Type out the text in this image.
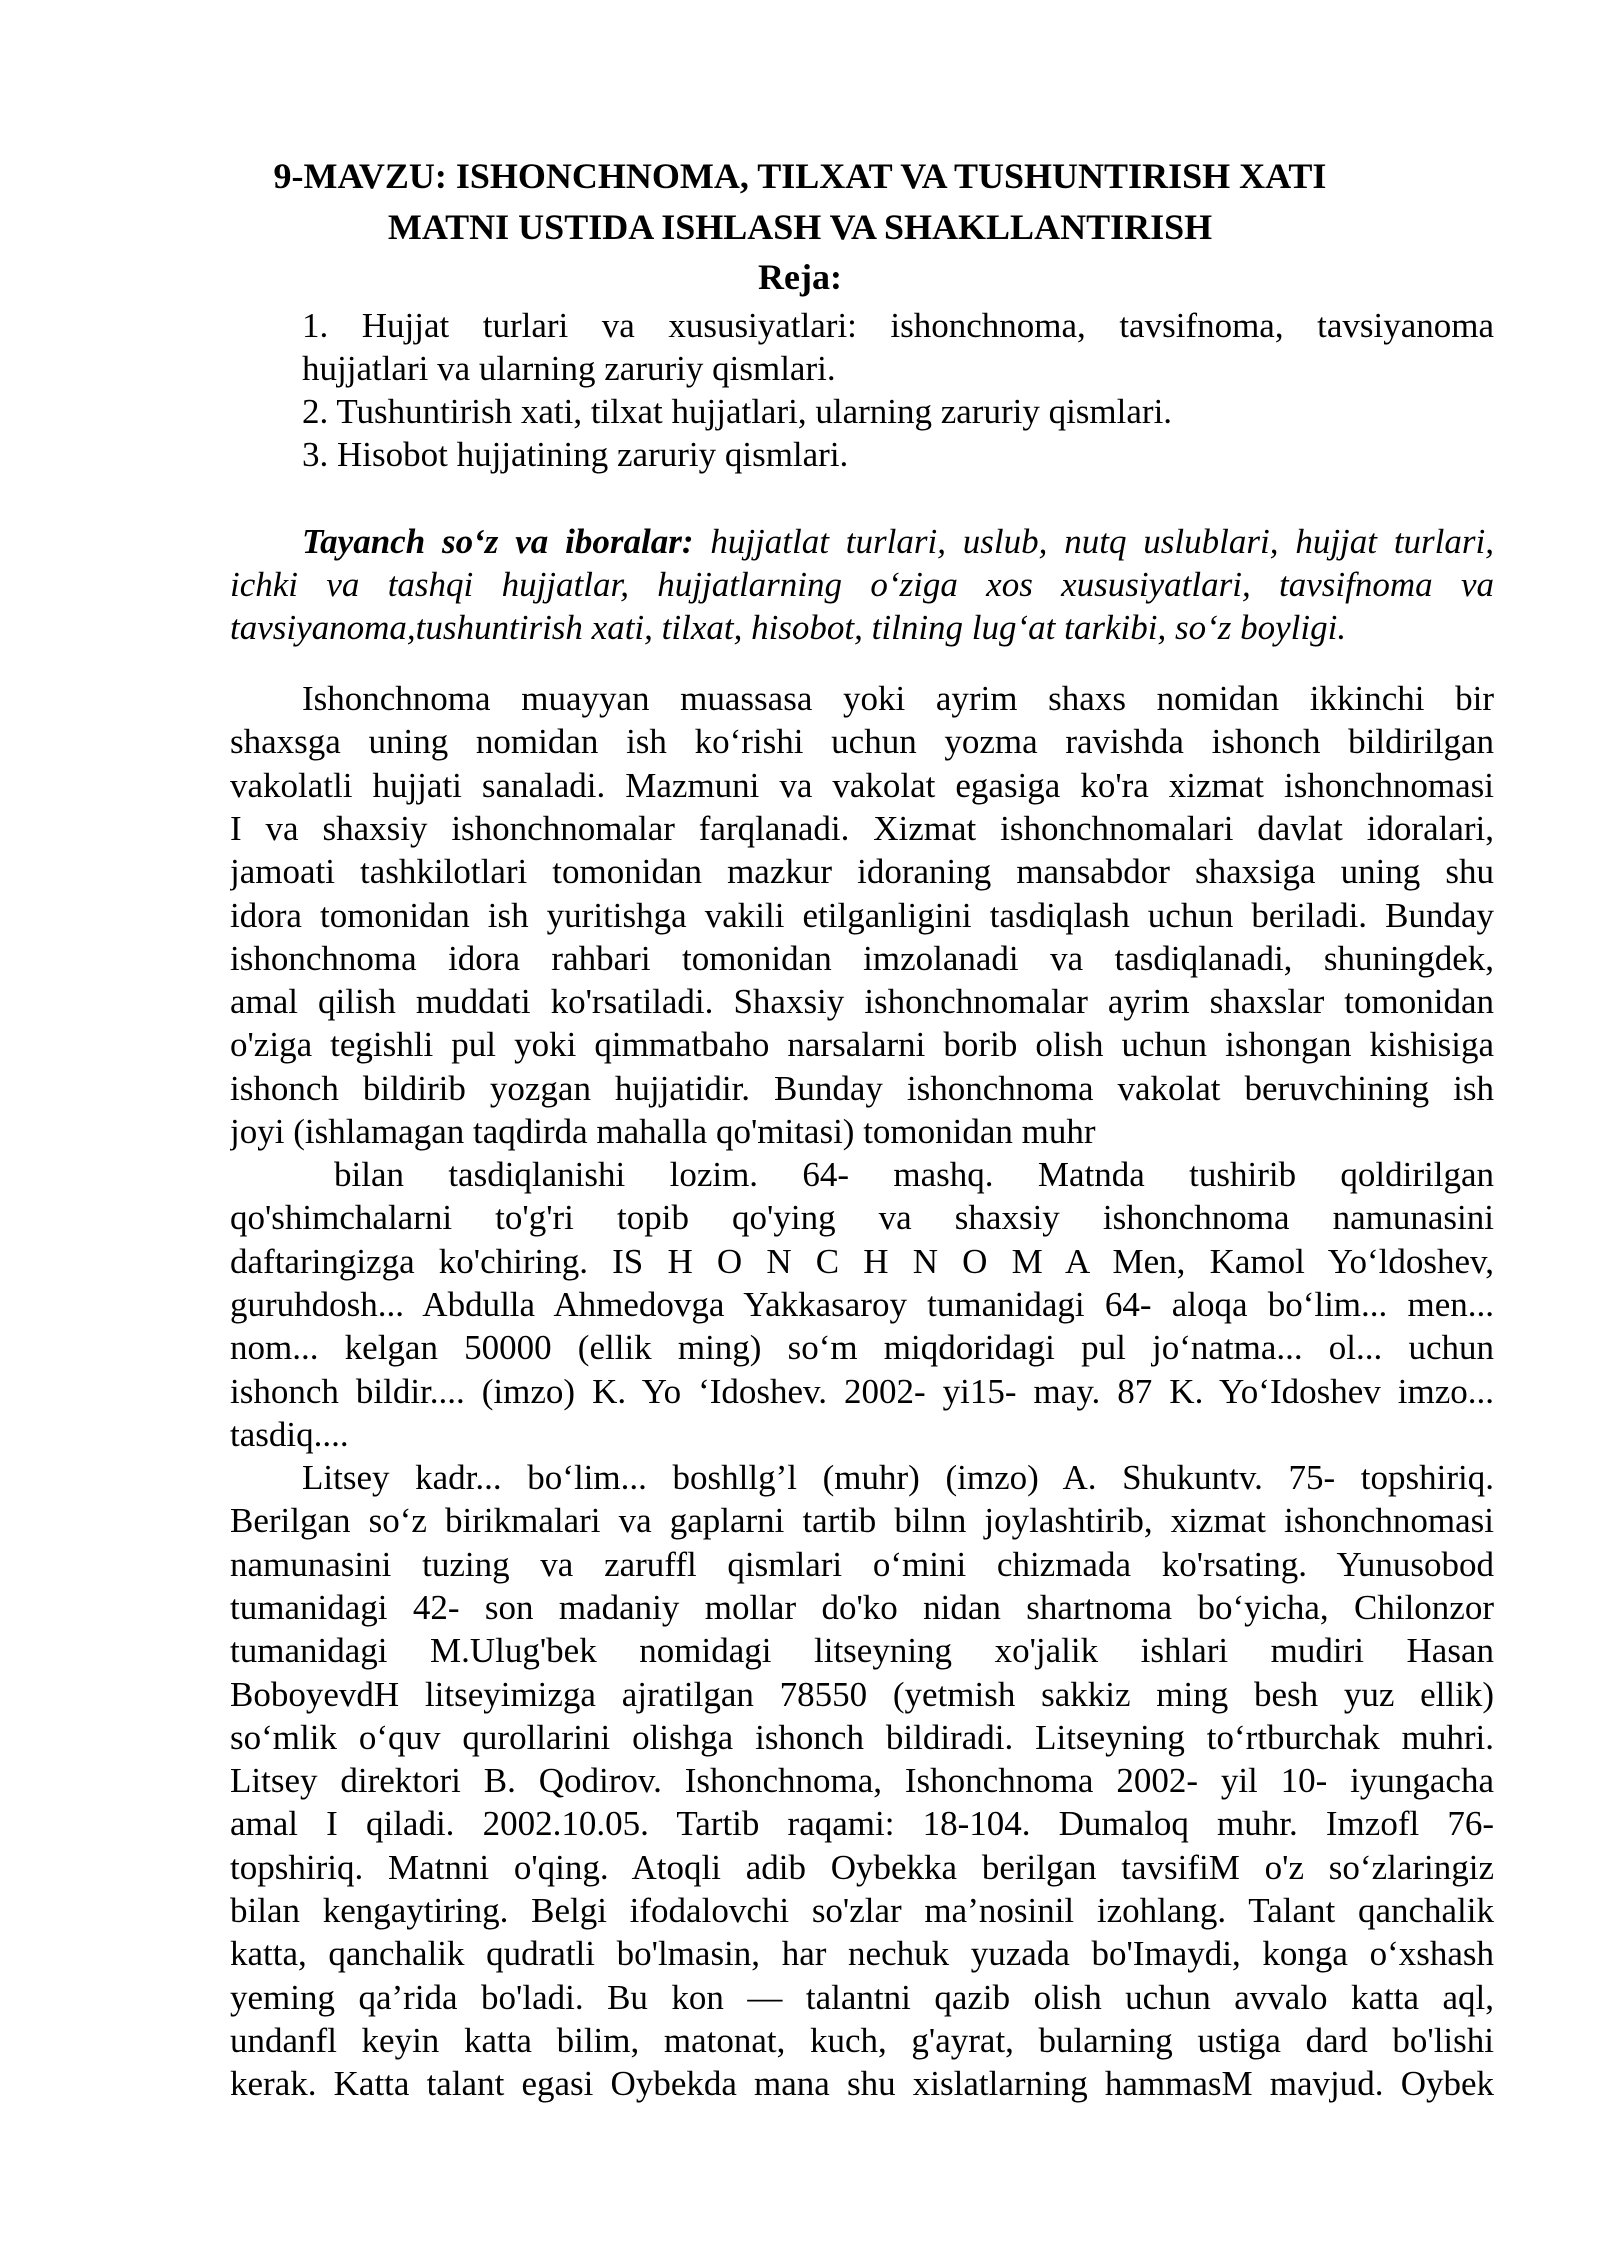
9-MAVZU: ISHONCHNOMA, TILXAT VA TUSHUNTIRISH XATI
MATNI USTIDA ISHLASH VA SHAKLLANTIRISH
Reja:
1. Hujjat turlari va xususiyatlari: ishonchnoma, tavsifnoma, tavsiyanoma
hujjatlari va ularning zaruriy qismlari.
2. Tushuntirish xati, tilxat hujjatlari, ularning zaruriy qismlari.
3. Hisobot hujjatining zaruriy qismlari.
Tayanch so‘z va iboralar: hujjatlat turlari, uslub, nutq uslublari, hujjat turlari,
ichki va tashqi hujjatlar, hujjatlarning o‘ziga xos xususiyatlari, tavsifnoma va
tavsiyanoma,tushuntirish xati, tilxat, hisobot, tilning lug‘at tarkibi, so‘z boyligi.
Ishonchnoma muayyan muassasa yoki ayrim shaxs nomidan ikkinchi bir
shaxsga uning nomidan ish ko‘rishi uchun yozma ravishda ishonch bildirilgan
vakolatli hujjati sanaladi. Mazmuni va vakolat egasiga ko'ra xizmat ishonchnomasi
I va shaxsiy ishonchnomalar farqlanadi. Xizmat ishonchnomalari davlat idoralari,
jamoati tashkilotlari tomonidan mazkur idoraning mansabdor shaxsiga uning shu
idora tomonidan ish yuritishga vakili etilganligini tasdiqlash uchun beriladi. Bunday
ishonchnoma idora rahbari tomonidan imzolanadi va tasdiqlanadi, shuningdek,
amal qilish muddati ko'rsatiladi. Shaxsiy ishonchnomalar ayrim shaxslar tomonidan
o'ziga tegishli pul yoki qimmatbaho narsalarni borib olish uchun ishongan kishisiga
ishonch bildirib yozgan hujjatidir. Bunday ishonchnoma vakolat beruvchining ish
joyi (ishlamagan taqdirda mahalla qo'mitasi) tomonidan muhr
bilan tasdiqlanishi lozim. 64- mashq. Matnda tushirib qoldirilgan
qo'shimchalarni to'g'ri topib qo'ying va shaxsiy ishonchnoma namunasini
daftaringizga ko'chiring. IS H O N C H N O M A Men, Kamol Yo‘ldoshev,
guruhdosh... Abdulla Ahmedovga Yakkasaroy tumanidagi 64- aloqa bo‘lim... men...
nom... kelgan 50000 (ellik ming) so‘m miqdoridagi pul jo‘natma... ol... uchun
ishonch bildir.... (imzo) K. Yo ‘Idoshev. 2002- yi15- may. 87 K. Yo‘Idoshev imzo...
tasdiq....
Litsey kadr... bo‘lim... boshllg’l (muhr) (imzo) A. Shukuntv. 75- topshiriq.
Berilgan so‘z birikmalari va gaplarni tartib bilnn joylashtirib, xizmat ishonchnomasi
namunasini tuzing va zaruffl qismlari o‘mini chizmada ko'rsating. Yunusobod
tumanidagi 42- son madaniy mollar do'ko nidan shartnoma bo‘yicha, Chilonzor
tumanidagi M.Ulug'bek nomidagi litseyning xo'jalik ishlari mudiri Hasan
BoboyevdH litseyimizga ajratilgan 78550 (yetmish sakkiz ming besh yuz ellik)
so‘mlik o‘quv qurollarini olishga ishonch bildiradi. Litseyning to‘rtburchak muhri.
Litsey direktori B. Qodirov. Ishonchnoma, Ishonchnoma 2002- yil 10- iyungacha
amal I qiladi. 2002.10.05. Tartib raqami: 18-104. Dumaloq muhr. Imzofl 76-
topshiriq. Matnni o'qing. Atoqli adib Oybekka berilgan tavsifiM o'z so‘zlaringiz
bilan kengaytiring. Belgi ifodalovchi so'zlar ma’nosinil izohlang. Talant qanchalik
katta, qanchalik qudratli bo'lmasin, har nechuk yuzada bo'Imaydi, konga o‘xshash
yeming qa’rida bo'ladi. Bu kon — talantni qazib olish uchun avvalo katta aql,
undanfl keyin katta bilim, matonat, kuch, g'ayrat, bularning ustiga dard bo'lishi
kerak. Katta talant egasi Oybekda mana shu xislatlarning hammasM mavjud. Oybek
